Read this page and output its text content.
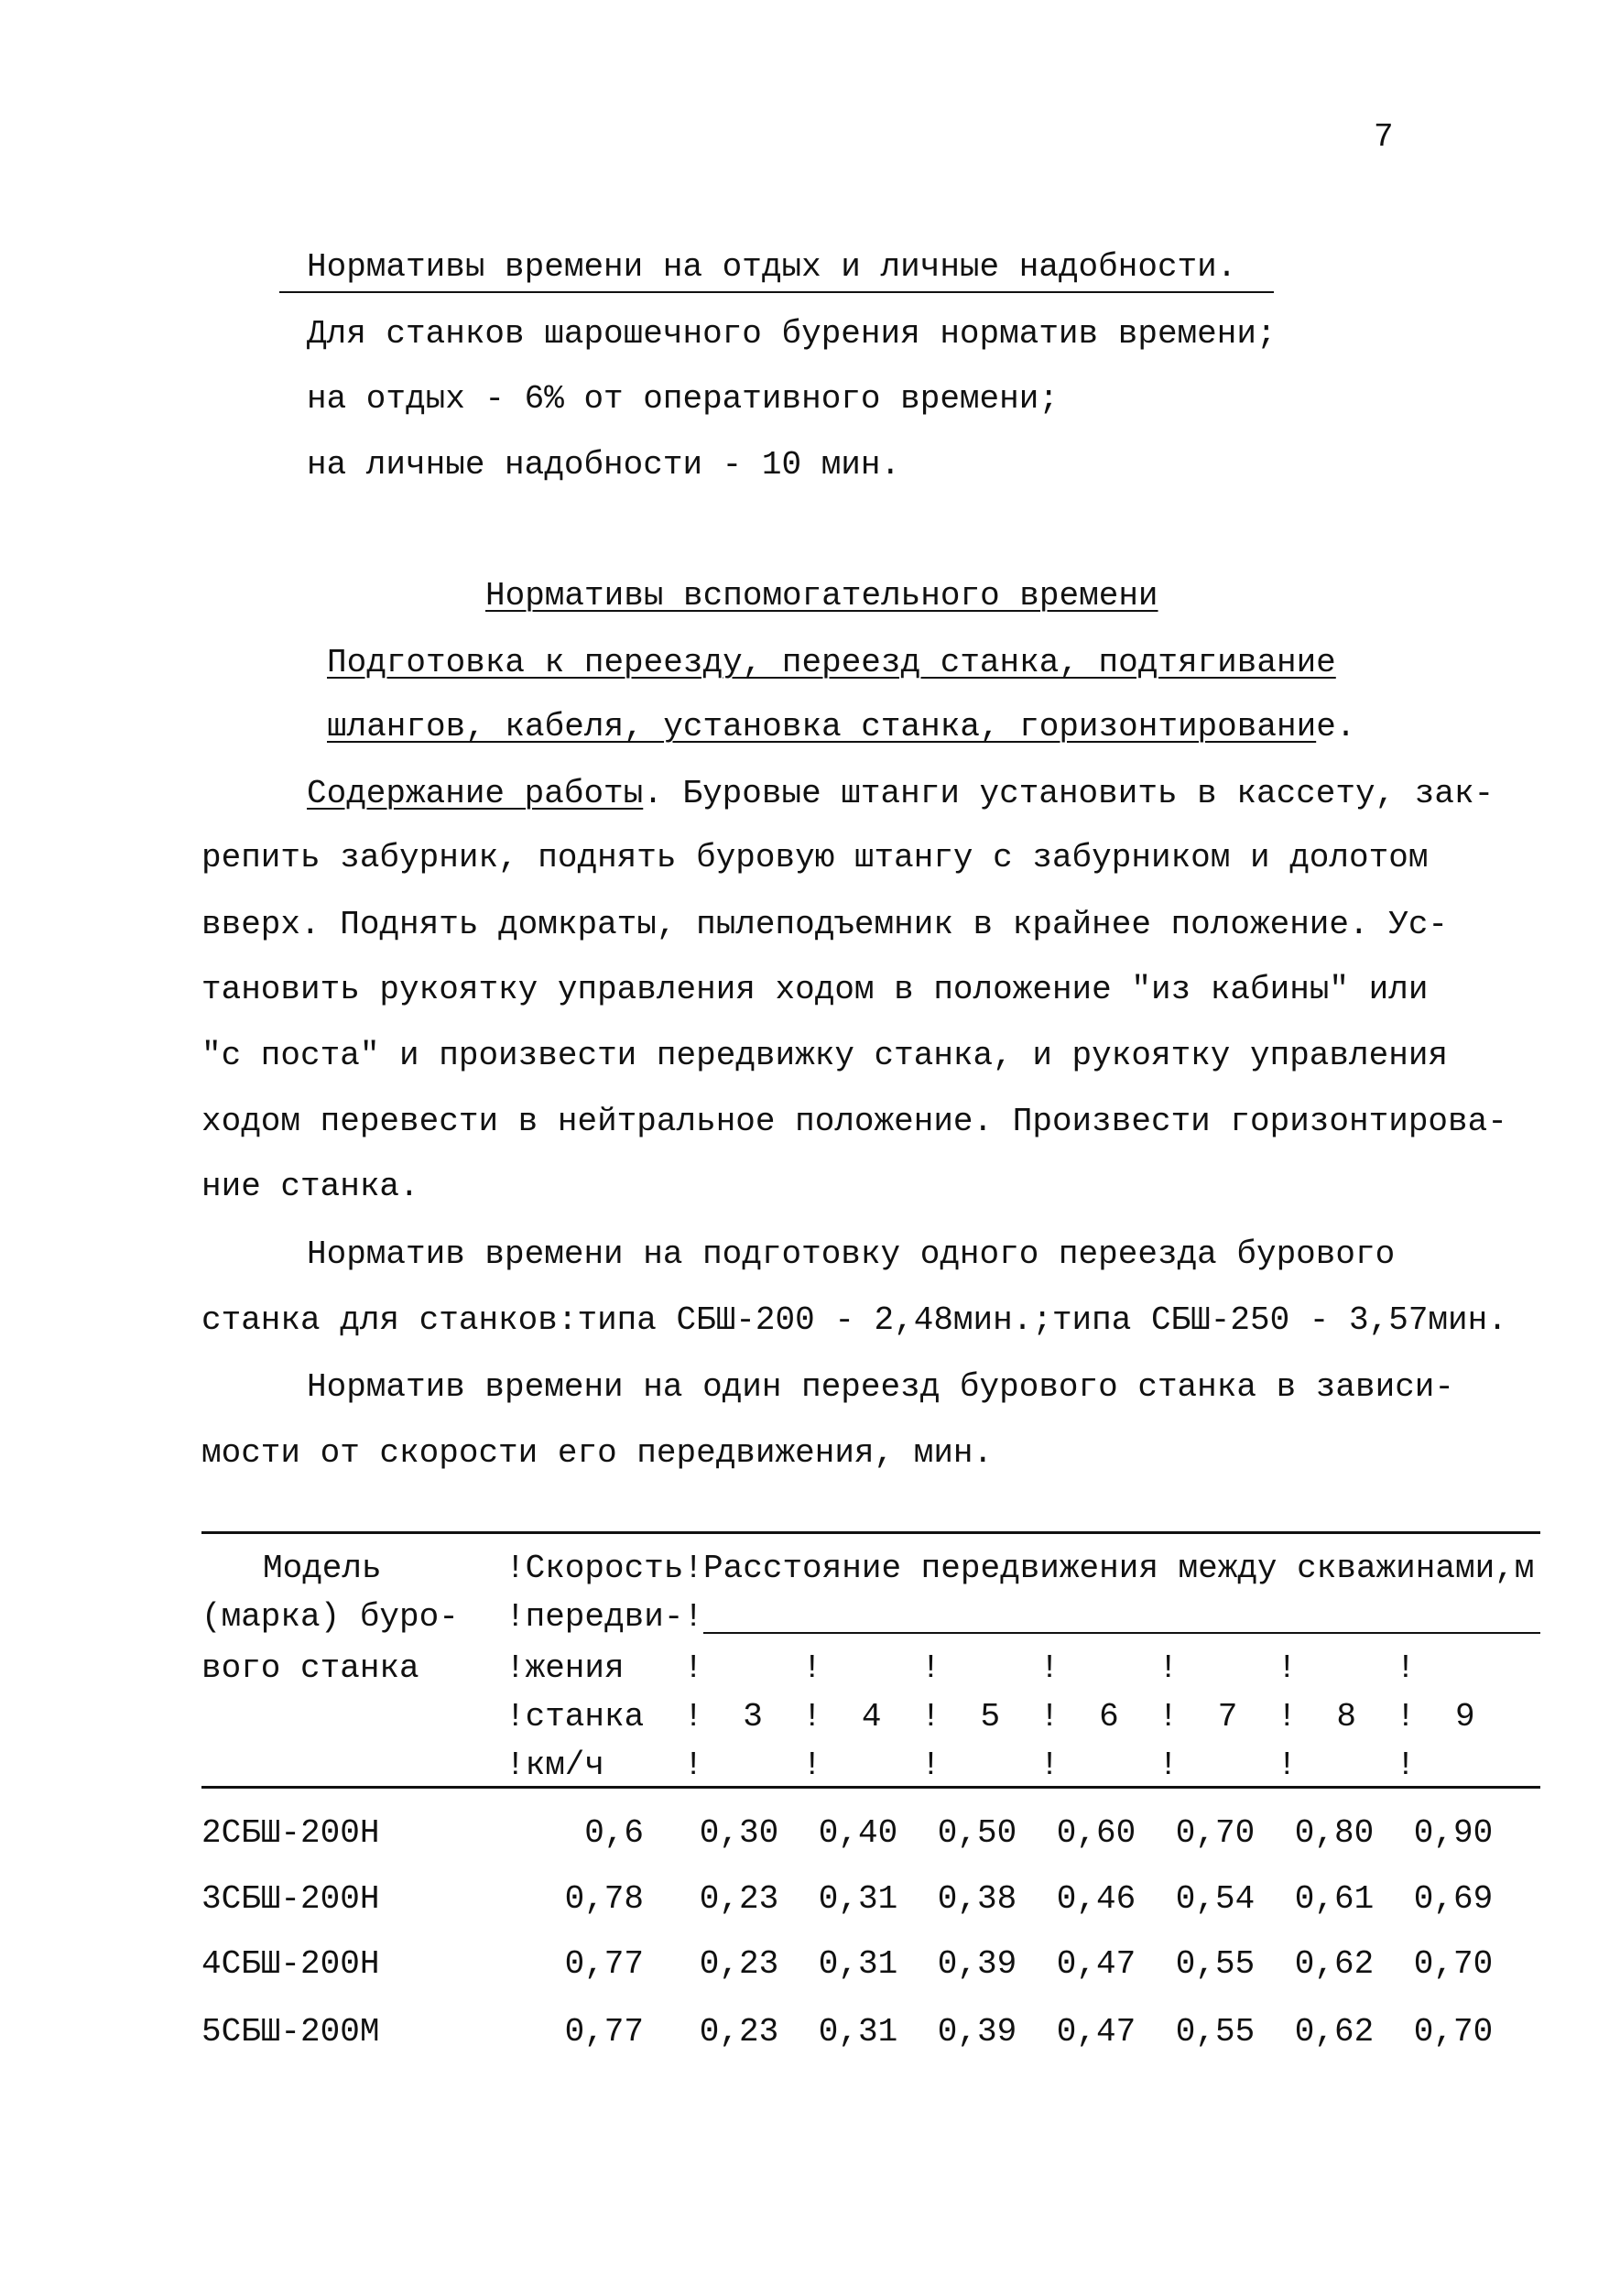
7
Нормативы времени на отдых и личные надобности.
Для станков шарошечного бурения норматив времени;
на отдых - 6% от оперативного времени;
на личные надобности - 10 мин.
Нормативы вспомогательного времени
Подготовка к переезду, переезд станка, подтягивание
шлангов, кабеля, установка станка, горизонтирование.
Содержание работы. Буровые штанги установить в кассету, зак-
репить забурник, поднять буровую штангу с забурником и долотом
вверх. Поднять домкраты, пылеподъемник в крайнее положение. Ус-
тановить рукоятку управления ходом в положение "из кабины" или
"с поста" и произвести передвижку станка, и рукоятку управления
ходом перевести в нейтральное положение. Произвести горизонтирова-
ние станка.
Норматив времени на подготовку одного переезда бурового
станка для станков:типа СБШ-200 - 2,48мин.;типа СБШ-250 - 3,57мин.
Норматив времени на один переезд бурового станка в зависи-
мости от скорости его передвижения, мин.
Модель
(марка) буро-
вого станка
!Скорость!Расстояние передвижения между скважинами,м
!передви-!
!жения   !     !     !     !     !     !     !
!станка  !  3  !  4  !  5  !  6  !  7  !  8  !  9
!км/ч    !     !     !     !     !     !     !
2СБШ-200Н	0,6 0,30 0,40 0,50 0,60 0,70 0,80 0,90
3СБШ-200Н	0,78 0,23 0,31 0,38 0,46 0,54 0,61 0,69
4СБШ-200Н	0,77 0,23 0,31 0,39 0,47 0,55 0,62 0,70
5СБШ-200М	0,77 0,23 0,31 0,39 0,47 0,55 0,62 0,70
